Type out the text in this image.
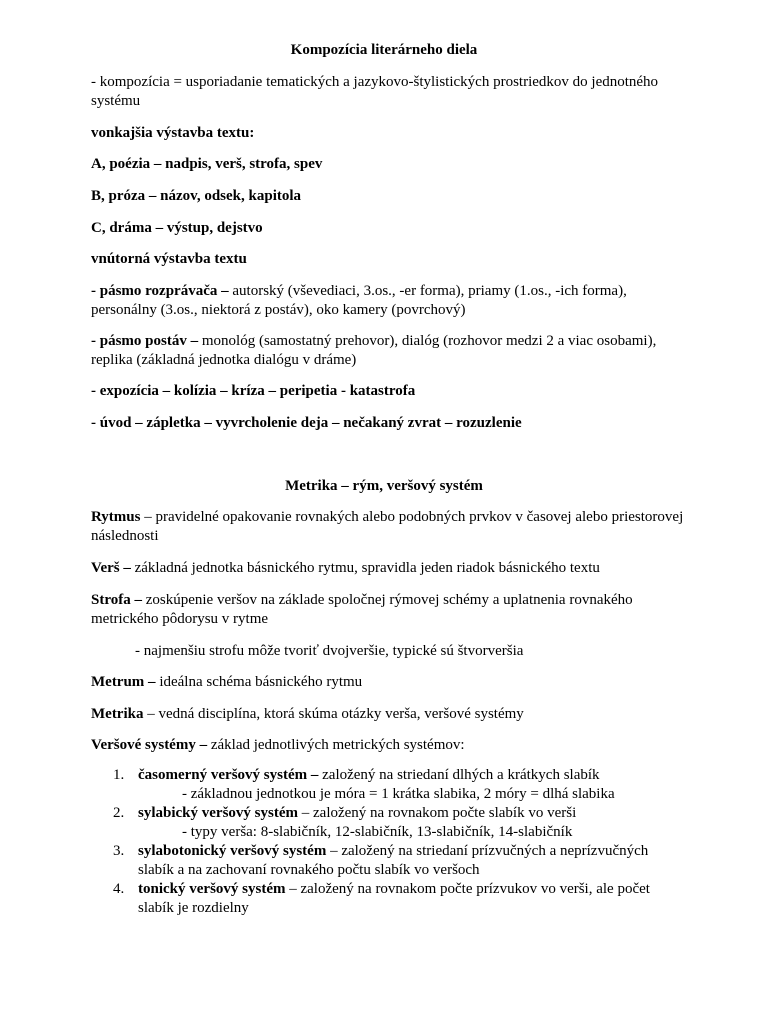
Kompozícia literárneho diela

- kompozícia = usporiadanie tematických a jazykovo-štylistických prostriedkov do jednotného systému

vonkajšia výstavba textu:

A, poézia – nadpis, verš, strofa, spev

B, próza – názov, odsek, kapitola

C, dráma – výstup, dejstvo

vnútorná výstavba textu

- pásmo rozprávača – autorský (vševediaci, 3.os., -er forma), priamy (1.os., -ich forma), personálny (3.os., niektorá z postáv), oko kamery (povrchový)

- pásmo postáv – monológ (samostatný prehovor), dialóg (rozhovor medzi 2 a viac osobami), replika (základná jednotka dialógu v dráme)

- expozícia – kolízia – kríza – peripetia - katastrofa

- úvod – zápletka – vyvrcholenie deja – nečakaný zvrat – rozuzlenie

Metrika – rým, veršový systém

Rytmus – pravidelné opakovanie rovnakých alebo podobných prvkov v časovej alebo priestorovej následnosti

Verš – základná jednotka básnického rytmu, spravidla jeden riadok básnického textu

Strofa – zoskúpenie veršov na základe spoločnej rýmovej schémy a uplatnenia rovnakého metrického pôdorysu v rytme

- najmenšiu strofu môže tvoriť dvojveršie, typické sú štvorveršia

Metrum – ideálna schéma básnického rytmu

Metrika – vedná disciplína, ktorá skúma otázky verša, veršové systémy

Veršové systémy – základ jednotlivých metrických systémov:

1. časomerný veršový systém – založený na striedaní dlhých a krátkych slabík
- základnou jednotkou je móra = 1 krátka slabika, 2 móry = dlhá slabika
2. sylabický veršový systém – založený na rovnakom počte slabík vo verši
- typy verša: 8-slabičník, 12-slabičník, 13-slabičník, 14-slabičník
3. sylabotonický veršový systém – založený na striedaní prízvučných a neprízvučných slabík a na zachovaní rovnakého počtu slabík vo veršoch
4. tonický veršový systém – založený na rovnakom počte prízvukov vo verši, ale počet slabík je rozdielny
